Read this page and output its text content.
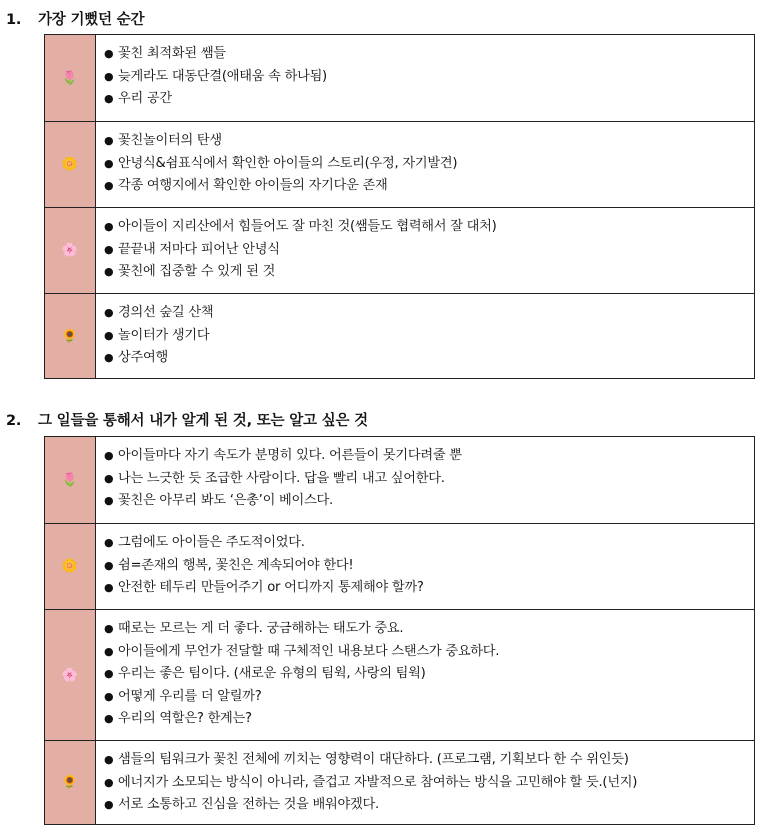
1. 가장 기뻤던 순간
🌷
● 꽃친 최적화된 쌤들
● 늦게라도 대동단결(애태움 속 하나됨)
● 우리 공간
🌼
● 꽃친놀이터의 탄생
● 안녕식&쉼표식에서 확인한 아이들의 스토리(우정, 자기발견)
● 각종 여행지에서 확인한 아이들의 자기다운 존재
🌸
● 아이들이 지리산에서 힘들어도 잘 마친 것(쌤들도 협력해서 잘 대처)
● 끝끝내 저마다 피어난 안녕식
● 꽃친에 집중할 수 있게 된 것
🌻
● 경의선 숲길 산책
● 놀이터가 생기다
● 상주여행
2. 그 일들을 통해서 내가 알게 된 것, 또는 알고 싶은 것
🌷
● 아이들마다 자기 속도가 분명히 있다. 어른들이 못기다려줄 뿐
● 나는 느긋한 듯 조급한 사람이다. 답을 빨리 내고 싶어한다.
● 꽃친은 아무리 봐도 ‘은총’이 베이스다.
🌼
● 그럼에도 아이들은 주도적이었다.
● 쉼=존재의 행복, 꽃친은 계속되어야 한다!
● 안전한 테두리 만들어주기 or 어디까지 통제해야 할까?
🌸
● 때로는 모르는 게 더 좋다. 궁금해하는 태도가 중요.
● 아이들에게 무언가 전달할 때 구체적인 내용보다 스탠스가 중요하다.
● 우리는 좋은 팀이다. (새로운 유형의 팀웍, 사랑의 팀웍)
● 어떻게 우리를 더 알릴까?
● 우리의 역할은? 한계는?
🌻
● 샘들의 팀워크가 꽃친 전체에 끼치는 영향력이 대단하다. (프로그램, 기획보다 한 수 위인듯)
● 에너지가 소모되는 방식이 아니라, 즐겁고 자발적으로 참여하는 방식을 고민해야 할 듯.(넌지)
● 서로 소통하고 진심을 전하는 것을 배워야겠다.
